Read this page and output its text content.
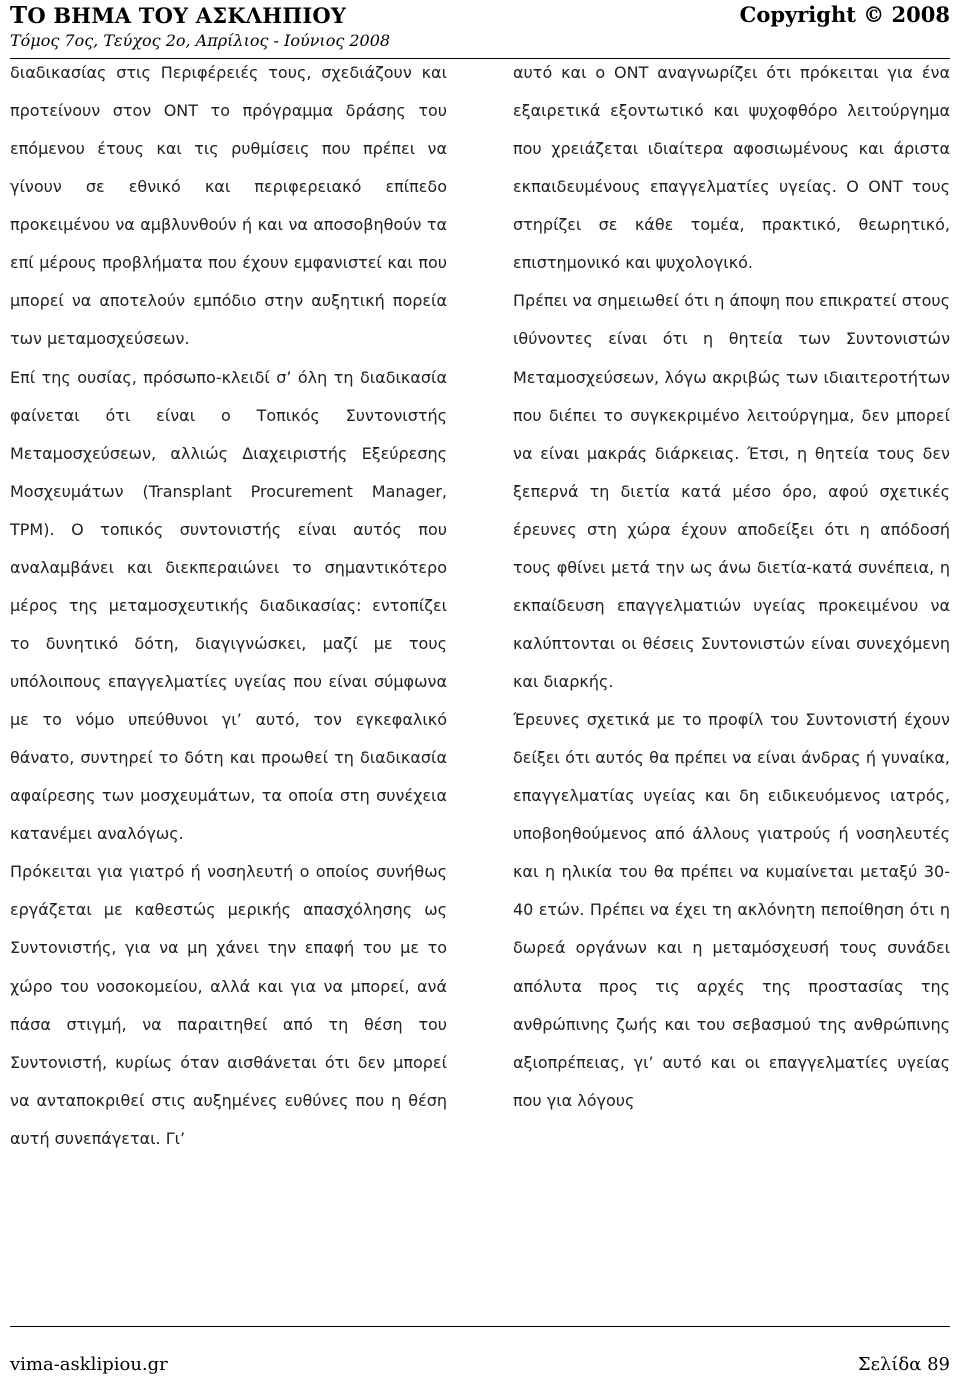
ΤΟ ΒΗΜΑ ΤΟΥ ΑΣΚΛΗΠΙΟΥ	Copyright © 2008
Τόμος 7ος, Τεύχος 2ο, Απρίλιος - Ιούνιος 2008

διαδικασίας στις Περιφέρειές τους, σχεδιάζουν και προτείνουν στον ΟΝΤ το πρόγραμμα δράσης του επόμενου έτους και τις ρυθμίσεις που πρέπει να γίνουν σε εθνικό και περιφερειακό επίπεδο προκειμένου να αμβλυνθούν ή και να αποσοβηθούν τα επί μέρους προβλήματα που έχουν εμφανιστεί και που μπορεί να αποτελούν εμπόδιο στην αυξητική πορεία των μεταμοσχεύσεων.

Επί της ουσίας, πρόσωπο-κλειδί σ’ όλη τη διαδικασία φαίνεται ότι είναι ο Τοπικός Συντονιστής Μεταμοσχεύσεων, αλλιώς Διαχειριστής Εξεύρεσης Μοσχευμάτων (Transplant Procurement Manager, TPM). Ο τοπικός συντονιστής είναι αυτός που αναλαμβάνει και διεκπεραιώνει το σημαντικότερο μέρος της μεταμοσχευτικής διαδικασίας: εντοπίζει το δυνητικό δότη, διαγιγνώσκει, μαζί με τους υπόλοιπους επαγγελματίες υγείας που είναι σύμφωνα με το νόμο υπεύθυνοι γι’ αυτό, τον εγκεφαλικό θάνατο, συντηρεί το δότη και προωθεί τη διαδικασία αφαίρεσης των μοσχευμάτων, τα οποία στη συνέχεια κατανέμει αναλόγως.

Πρόκειται για γιατρό ή νοσηλευτή ο οποίος συνήθως εργάζεται με καθεστώς μερικής απασχόλησης ως Συντονιστής, για να μη χάνει την επαφή του με το χώρο του νοσοκομείου, αλλά και για να μπορεί, ανά πάσα στιγμή, να παραιτηθεί από τη θέση του Συντονιστή, κυρίως όταν αισθάνεται ότι δεν μπορεί να ανταποκριθεί στις αυξημένες ευθύνες που η θέση αυτή συνεπάγεται. Γι’

αυτό και ο ΟΝΤ αναγνωρίζει ότι πρόκειται για ένα εξαιρετικά εξοντωτικό και ψυχοφθόρο λειτούργημα που χρειάζεται ιδιαίτερα αφοσιωμένους και άριστα εκπαιδευμένους επαγγελματίες υγείας. Ο ΟΝΤ τους στηρίζει σε κάθε τομέα, πρακτικό, θεωρητικό, επιστημονικό και ψυχολογικό.

Πρέπει να σημειωθεί ότι η άποψη που επικρατεί στους ιθύνοντες είναι ότι η θητεία των Συντονιστών Μεταμοσχεύσεων, λόγω ακριβώς των ιδιαιτεροτήτων που διέπει το συγκεκριμένο λειτούργημα, δεν μπορεί να είναι μακράς διάρκειας. Έτσι, η θητεία τους δεν ξεπερνά τη διετία κατά μέσο όρο, αφού σχετικές έρευνες στη χώρα έχουν αποδείξει ότι η απόδοσή τους φθίνει μετά την ως άνω διετία-κατά συνέπεια, η εκπαίδευση επαγγελματιών υγείας προκειμένου να καλύπτονται οι θέσεις Συντονιστών είναι συνεχόμενη και διαρκής.

Έρευνες σχετικά με το προφίλ του Συντονιστή έχουν δείξει ότι αυτός θα πρέπει να είναι άνδρας ή γυναίκα, επαγγελματίας υγείας και δη ειδικευόμενος ιατρός, υποβοηθούμενος από άλλους γιατρούς ή νοσηλευτές και η ηλικία του θα πρέπει να κυμαίνεται μεταξύ 30-40 ετών. Πρέπει να έχει τη ακλόνητη πεποίθηση ότι η δωρεά οργάνων και η μεταμόσχευσή τους συνάδει απόλυτα προς τις αρχές της προστασίας της ανθρώπινης ζωής και του σεβασμού της ανθρώπινης αξιοπρέπειας, γι’ αυτό και οι επαγγελματίες υγείας που για λόγους

vima-asklipiou.gr	Σελίδα 89
